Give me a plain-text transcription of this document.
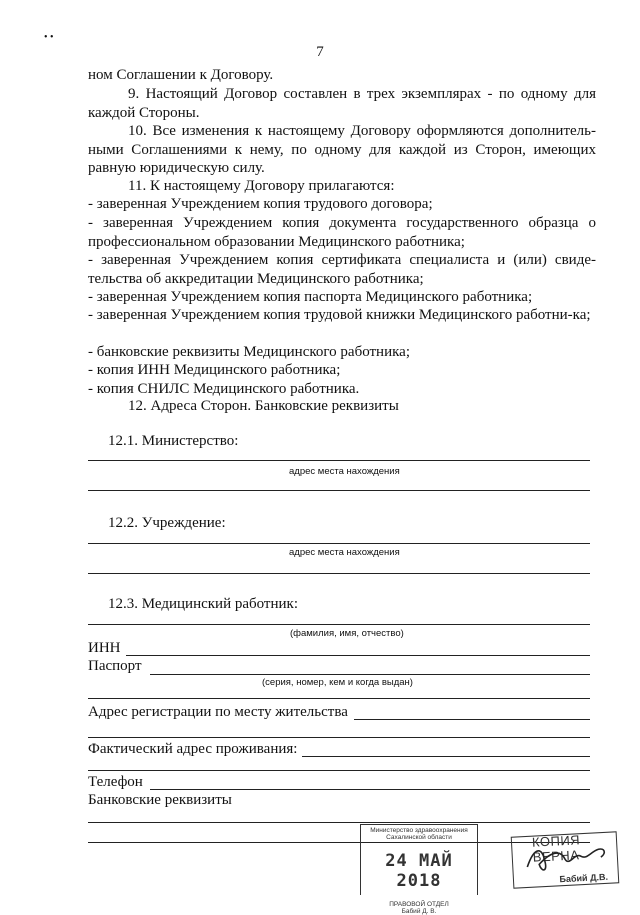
• •
7

ном Соглашении к Договору.

9. Настоящий Договор составлен в трех экземплярах - по одному для каждой Стороны.

10. Все изменения к настоящему Договору оформляются дополнитель-ными Соглашениями к нему, по одному для каждой из Сторон, имеющих равную юридическую силу.

11. К настоящему Договору прилагаются:

- заверенная Учреждением копия трудового договора;

- заверенная Учреждением копия документа государственного образца о профессиональном образовании Медицинского работника;

- заверенная Учреждением копия сертификата специалиста и (или) свиде-тельства об аккредитации Медицинского работника;

- заверенная Учреждением копия паспорта Медицинского работника;

- заверенная Учреждением копия трудовой книжки Медицинского работни-ка;

- банковские реквизиты Медицинского работника;

- копия ИНН Медицинского работника;

- копия СНИЛС Медицинского работника.

12. Адреса Сторон. Банковские реквизиты
12.1. Министерство:
адрес места нахождения
12.2. Учреждение:
адрес места нахождения
12.3. Медицинский работник:
(фамилия, имя, отчество)
ИНН
Паспорт
(серия, номер, кем и когда выдан)
Адрес регистрации по месту жительства
Фактический адрес проживания:
Телефон
Банковские реквизиты
Министерство здравоохранения Сахалинской области
24 МАЙ 2018
ПРАВОВОЙ ОТДЕЛ
Бабий Д. В.
КОПИЯ ВЕРНА
Бабий Д.В.
